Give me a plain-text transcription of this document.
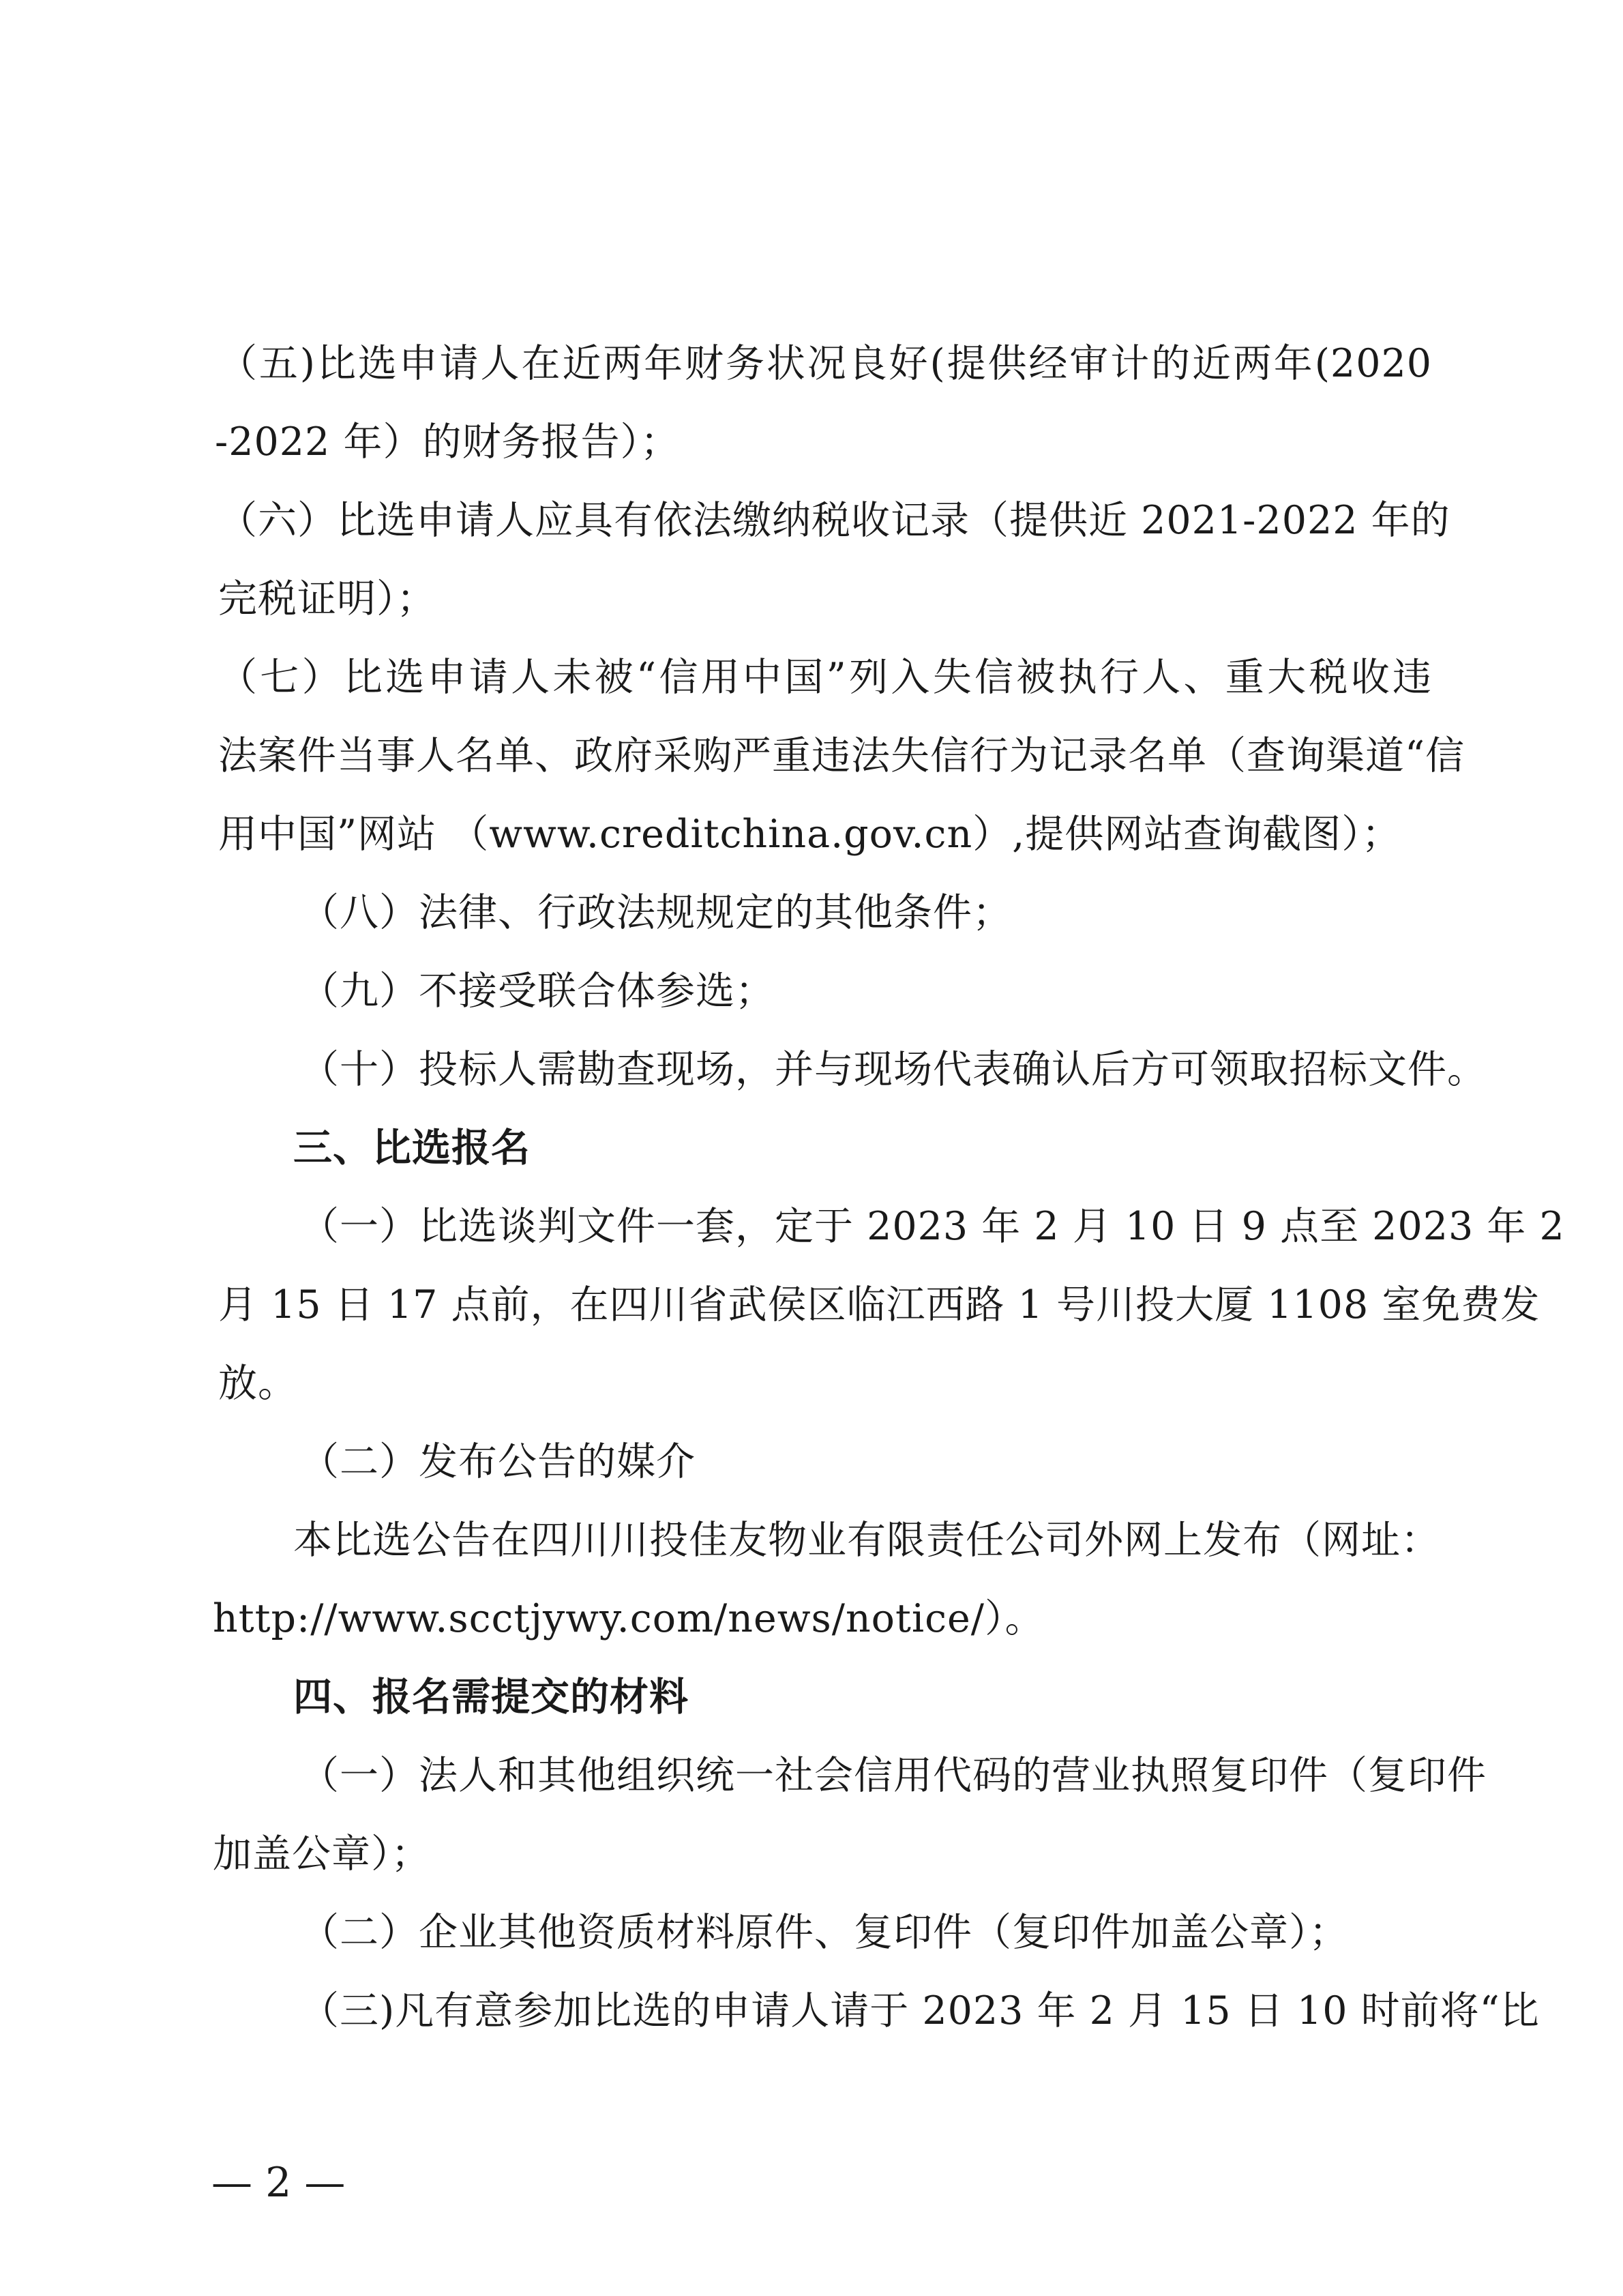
（五)比选申请人在近两年财务状况良好(提供经审计的近两年(2020
-2022 年）的财务报告）；
（六）比选申请人应具有依法缴纳税收记录（提供近 2021-2022 年的
完税证明）；
（七）比选申请人未被“信用中国”列入失信被执行人、重大税收违
法案件当事人名单、政府采购严重违法失信行为记录名单（查询渠道“信
用中国”网站 （www.creditchina.gov.cn）,提供网站查询截图）；
（八）法律、行政法规规定的其他条件；
（九）不接受联合体参选；
（十）投标人需勘查现场，并与现场代表确认后方可领取招标文件。
三、比选报名
（一）比选谈判文件一套，定于 2023 年 2 月 10 日 9 点至 2023 年 2
月 15 日 17 点前，在四川省武侯区临江西路 1 号川投大厦 1108 室免费发
放。
（二）发布公告的媒介
本比选公告在四川川投佳友物业有限责任公司外网上发布（网址：
http://www.scctjywy.com/news/notice/）。
四、报名需提交的材料
（一）法人和其他组织统一社会信用代码的营业执照复印件（复印件
加盖公章）；
（二）企业其他资质材料原件、复印件（复印件加盖公章）；
（三)凡有意参加比选的申请人请于 2023 年 2 月 15 日 10 时前将“比
— 2 —
